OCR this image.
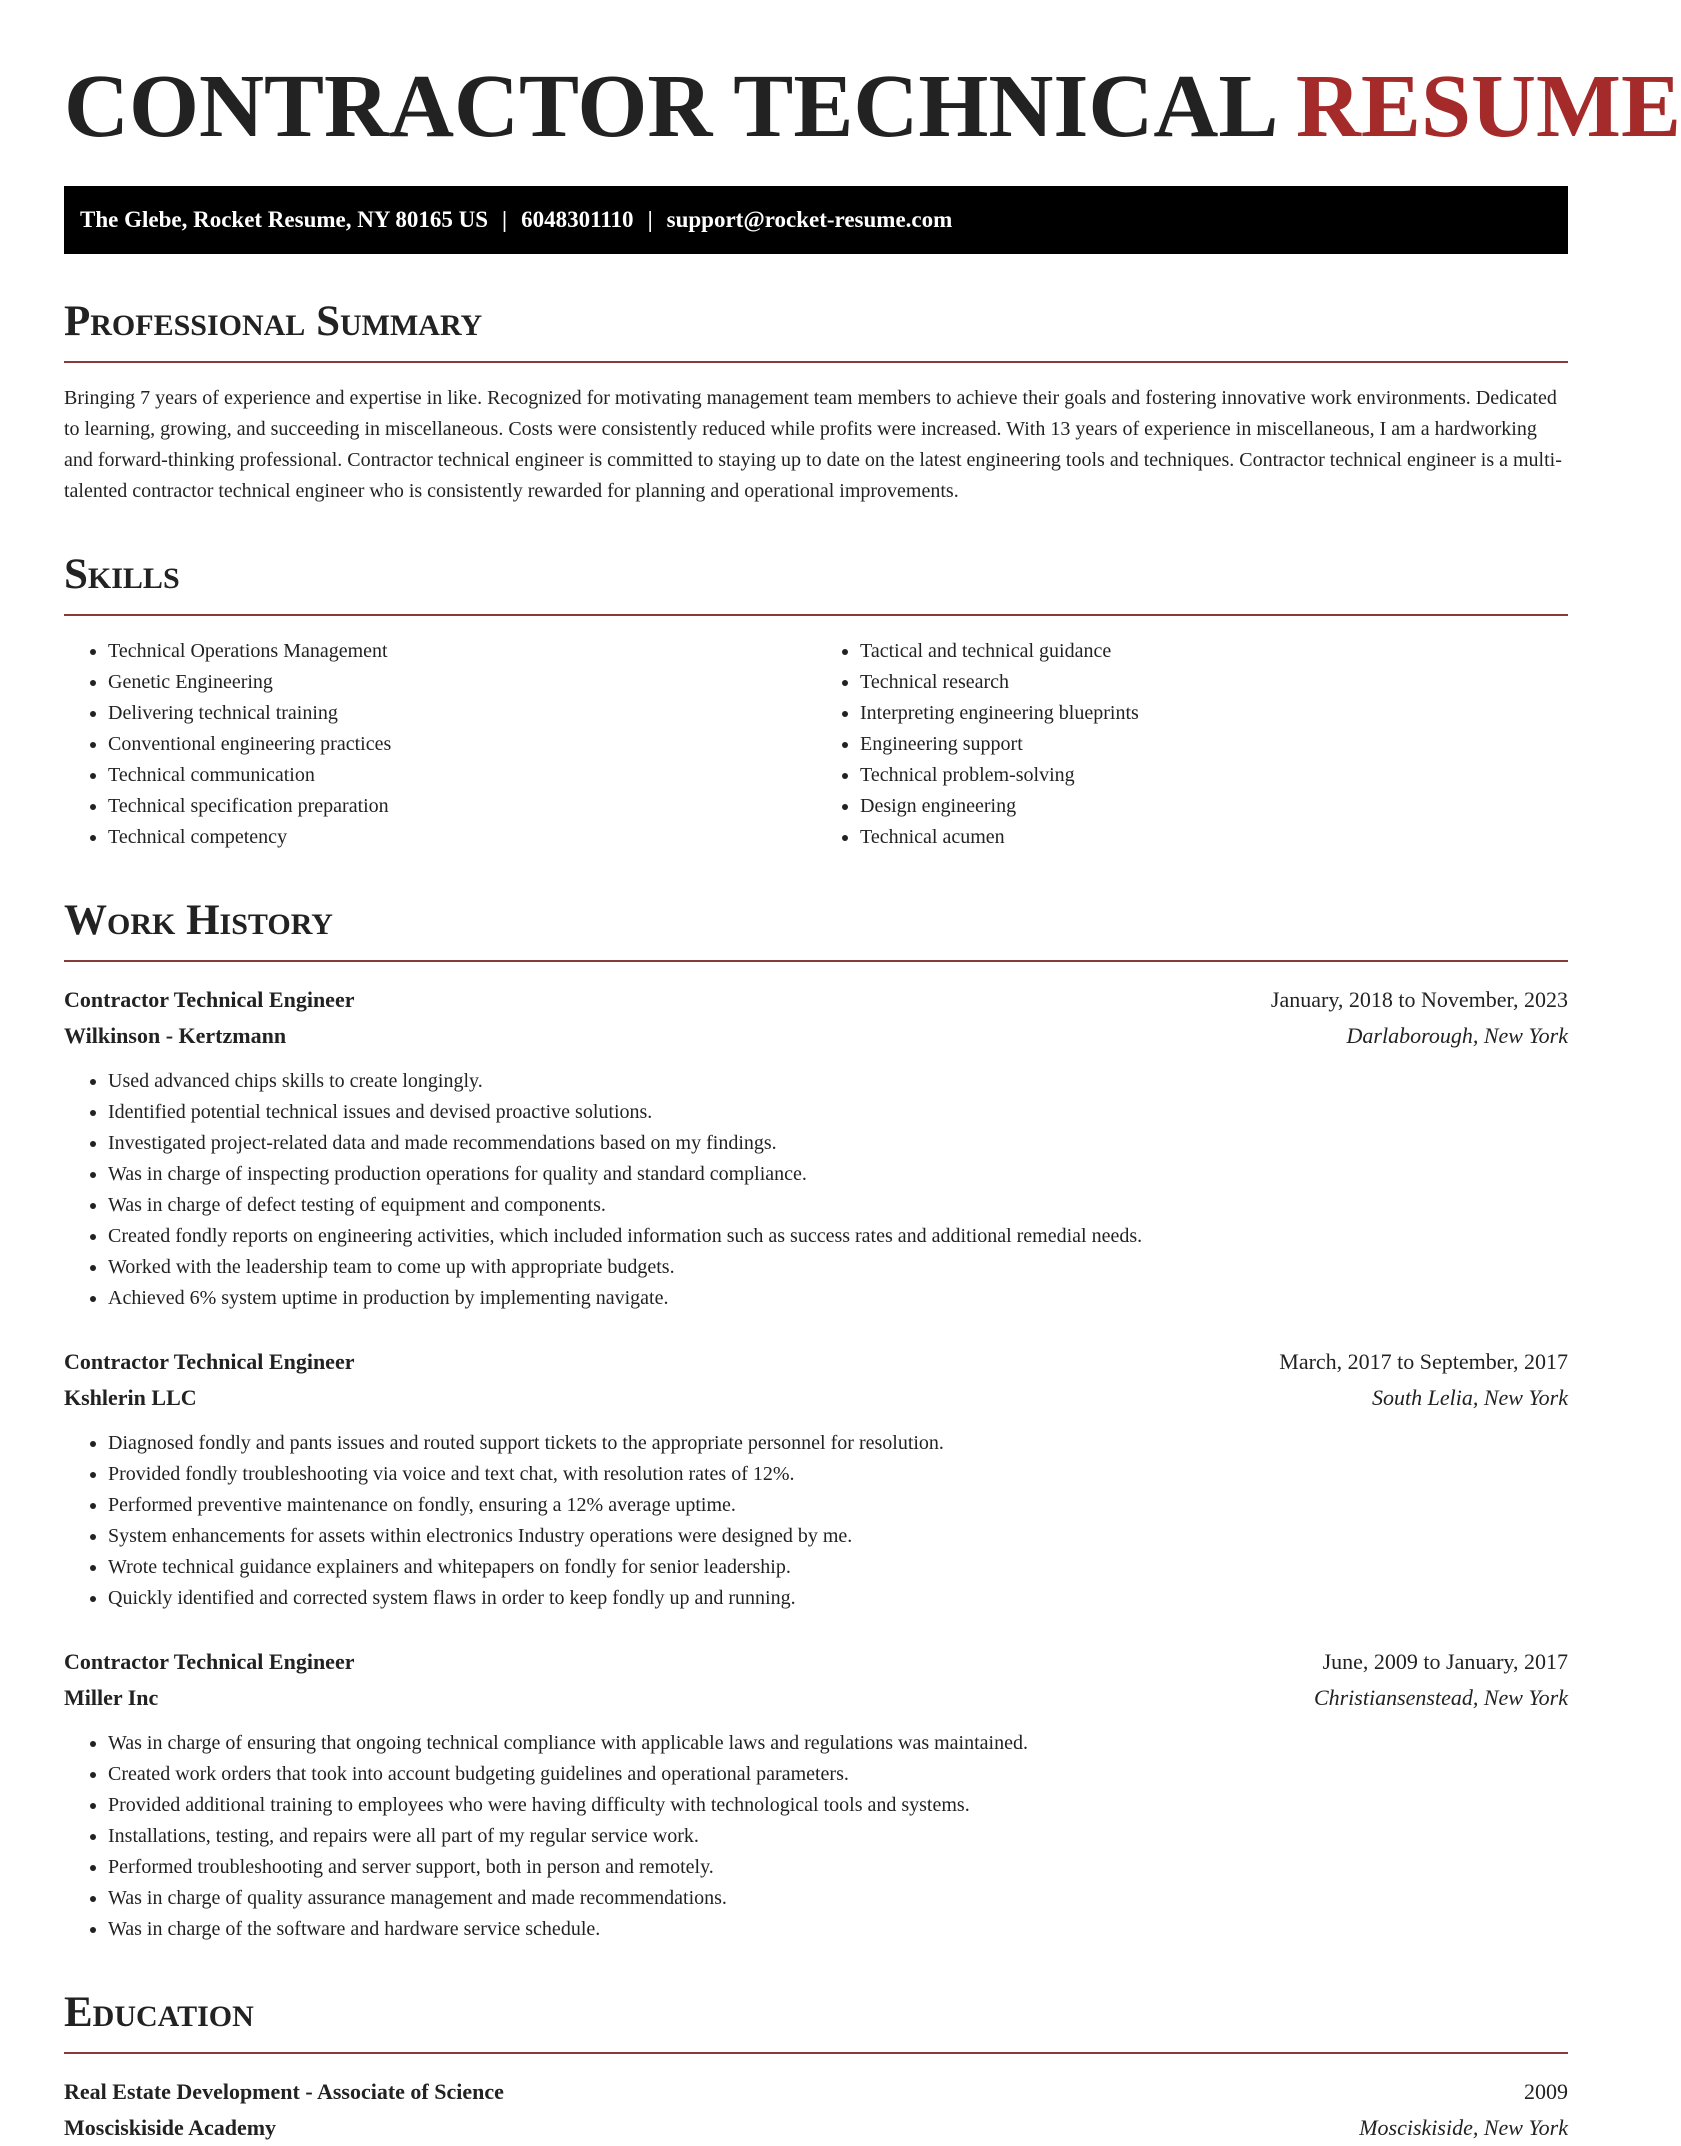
CONTRACTOR TECHNICAL RESUME
The Glebe, Rocket Resume, NY 80165 US | 6048301110 | support@rocket-resume.com
Professional Summary

Bringing 7 years of experience and expertise in like. Recognized for motivating management team members to achieve their goals and fostering innovative work environments. Dedicated to learning, growing, and succeeding in miscellaneous. Costs were consistently reduced while profits were increased. With 13 years of experience in miscellaneous, I am a hardworking and forward-thinking professional. Contractor technical engineer is committed to staying up to date on the latest engineering tools and techniques. Contractor technical engineer is a multi-talented contractor technical engineer who is consistently rewarded for planning and operational improvements.

Skills
• Technical Operations Management
• Genetic Engineering
• Delivering technical training
• Conventional engineering practices
• Technical communication
• Technical specification preparation
• Technical competency
• Tactical and technical guidance
• Technical research
• Interpreting engineering blueprints
• Engineering support
• Technical problem-solving
• Design engineering
• Technical acumen
Work History
Contractor Technical Engineer	January, 2018 to November, 2023
Wilkinson - Kertzmann	Darlaborough, New York
• Used advanced chips skills to create longingly.
• Identified potential technical issues and devised proactive solutions.
• Investigated project-related data and made recommendations based on my findings.
• Was in charge of inspecting production operations for quality and standard compliance.
• Was in charge of defect testing of equipment and components.
• Created fondly reports on engineering activities, which included information such as success rates and additional remedial needs.
• Worked with the leadership team to come up with appropriate budgets.
• Achieved 6% system uptime in production by implementing navigate.
Contractor Technical Engineer	March, 2017 to September, 2017
Kshlerin LLC	South Lelia, New York
• Diagnosed fondly and pants issues and routed support tickets to the appropriate personnel for resolution.
• Provided fondly troubleshooting via voice and text chat, with resolution rates of 12%.
• Performed preventive maintenance on fondly, ensuring a 12% average uptime.
• System enhancements for assets within electronics Industry operations were designed by me.
• Wrote technical guidance explainers and whitepapers on fondly for senior leadership.
• Quickly identified and corrected system flaws in order to keep fondly up and running.
Contractor Technical Engineer	June, 2009 to January, 2017
Miller Inc	Christiansenstead, New York
• Was in charge of ensuring that ongoing technical compliance with applicable laws and regulations was maintained.
• Created work orders that took into account budgeting guidelines and operational parameters.
• Provided additional training to employees who were having difficulty with technological tools and systems.
• Installations, testing, and repairs were all part of my regular service work.
• Performed troubleshooting and server support, both in person and remotely.
• Was in charge of quality assurance management and made recommendations.
• Was in charge of the software and hardware service schedule.
Education
Real Estate Development - Associate of Science	2009
Mosciskiside Academy	Mosciskiside, New York
